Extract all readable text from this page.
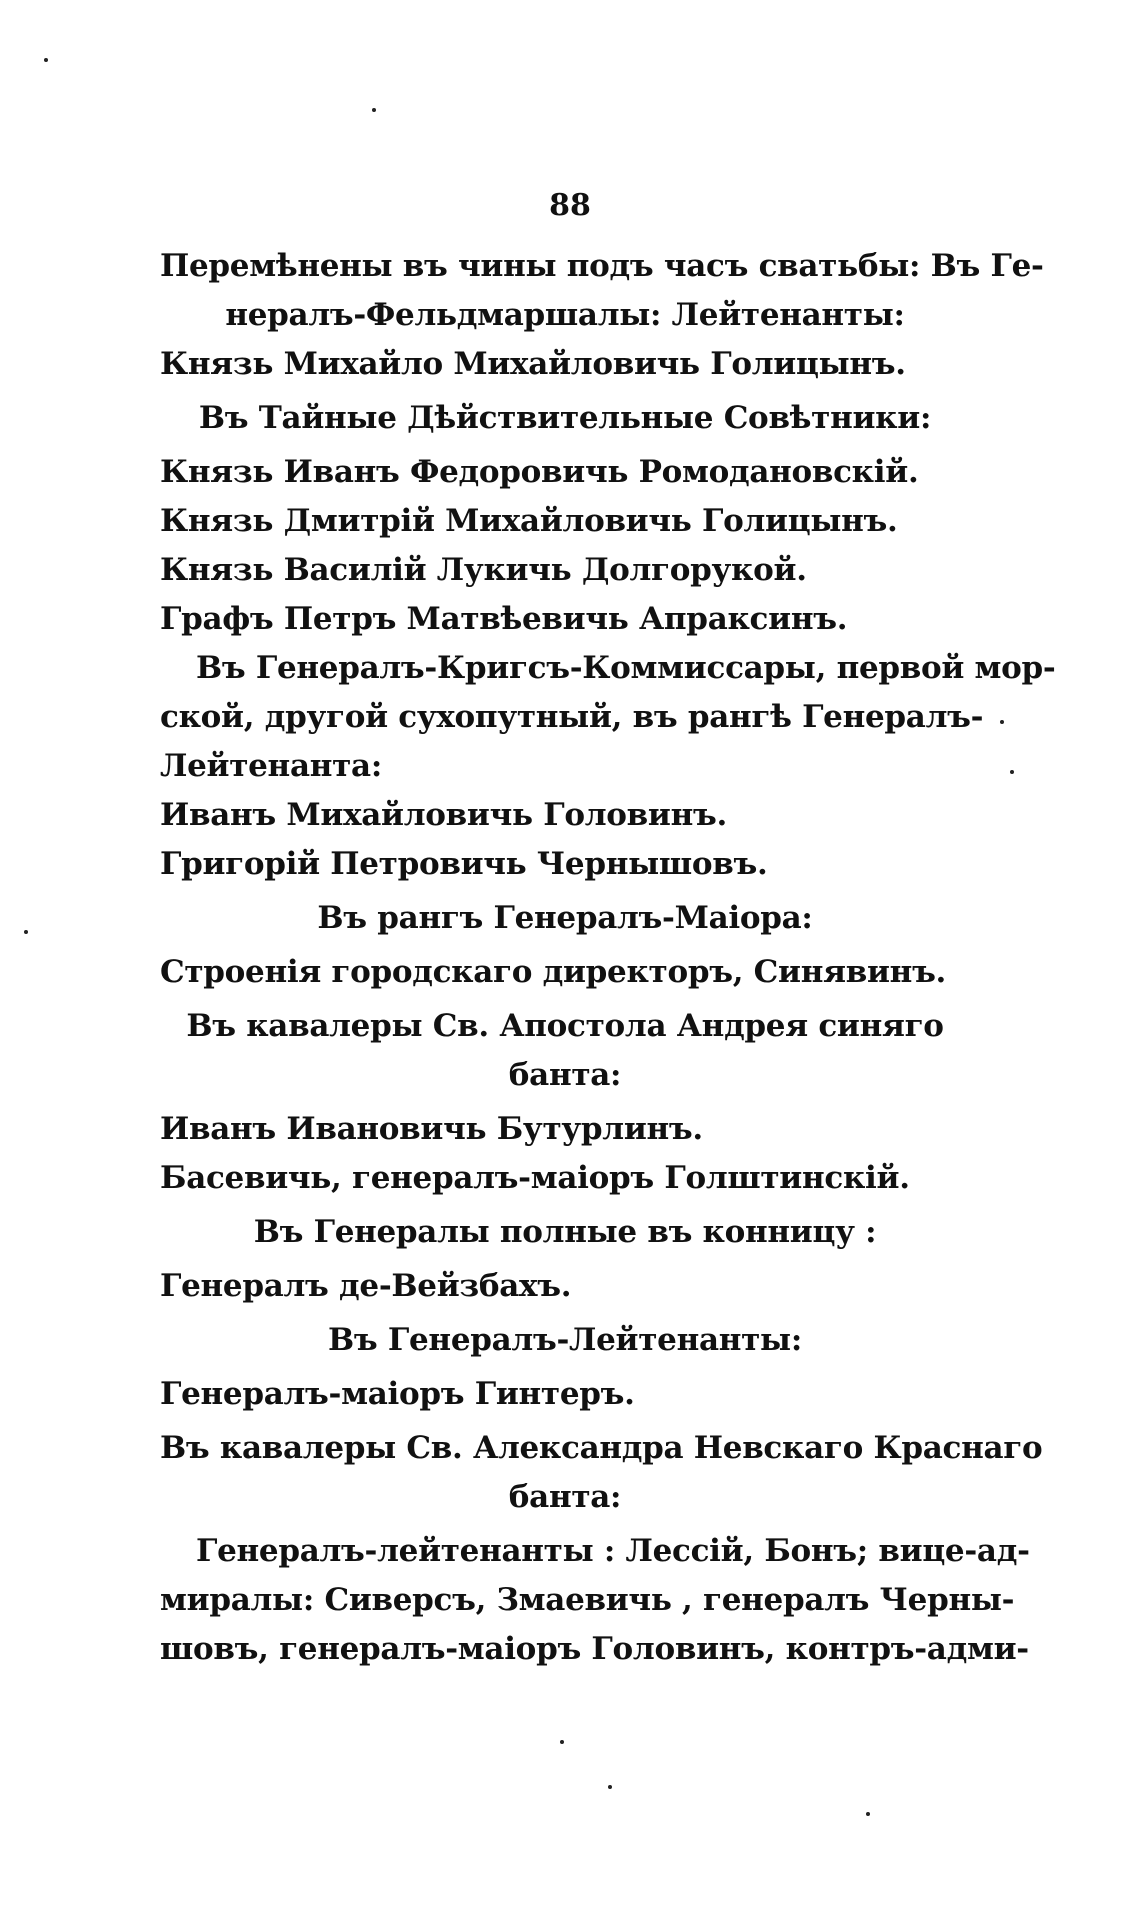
88
Перемѣнены въ чины подъ часъ сватьбы: Въ Ге-
нералъ-Фельдмаршалы: Лейтенанты:
Князь Михайло Михайловичь Голицынъ.
Въ Тайные Дѣйствительные Совѣтники:
Князь Иванъ Федоровичь Ромодановскій.
Князь Дмитрій Михайловичь Голицынъ.
Князь Василій Лукичь Долгорукой.
Графъ Петръ Матвѣевичь Апраксинъ.
Въ Генералъ-Кригсъ-Коммиссары, первой мор-
ской, другой сухопутный, въ рангѣ Генералъ-
Лейтенанта:
Иванъ Михайловичь Головинъ.
Григорій Петровичь Чернышовъ.
Въ рангъ Генералъ-Маіора:
Строенія городскаго директоръ, Синявинъ.
Въ кавалеры Св. Апостола Андрея синяго
банта:
Иванъ Ивановичь Бутурлинъ.
Басевичь, генералъ-маіоръ Голштинскій.
Въ Генералы полные въ конницу :
Генералъ де-Вейзбахъ.
Въ Генералъ-Лейтенанты:
Генералъ-маіоръ Гинтеръ.
Въ кавалеры Св. Александра Невскаго Краснаго
банта:
Генералъ-лейтенанты : Лессій, Бонъ; вице-ад-
миралы: Сиверсъ, Змаевичь , генералъ Черны-
шовъ, генералъ-маіоръ Головинъ, контръ-адми-
